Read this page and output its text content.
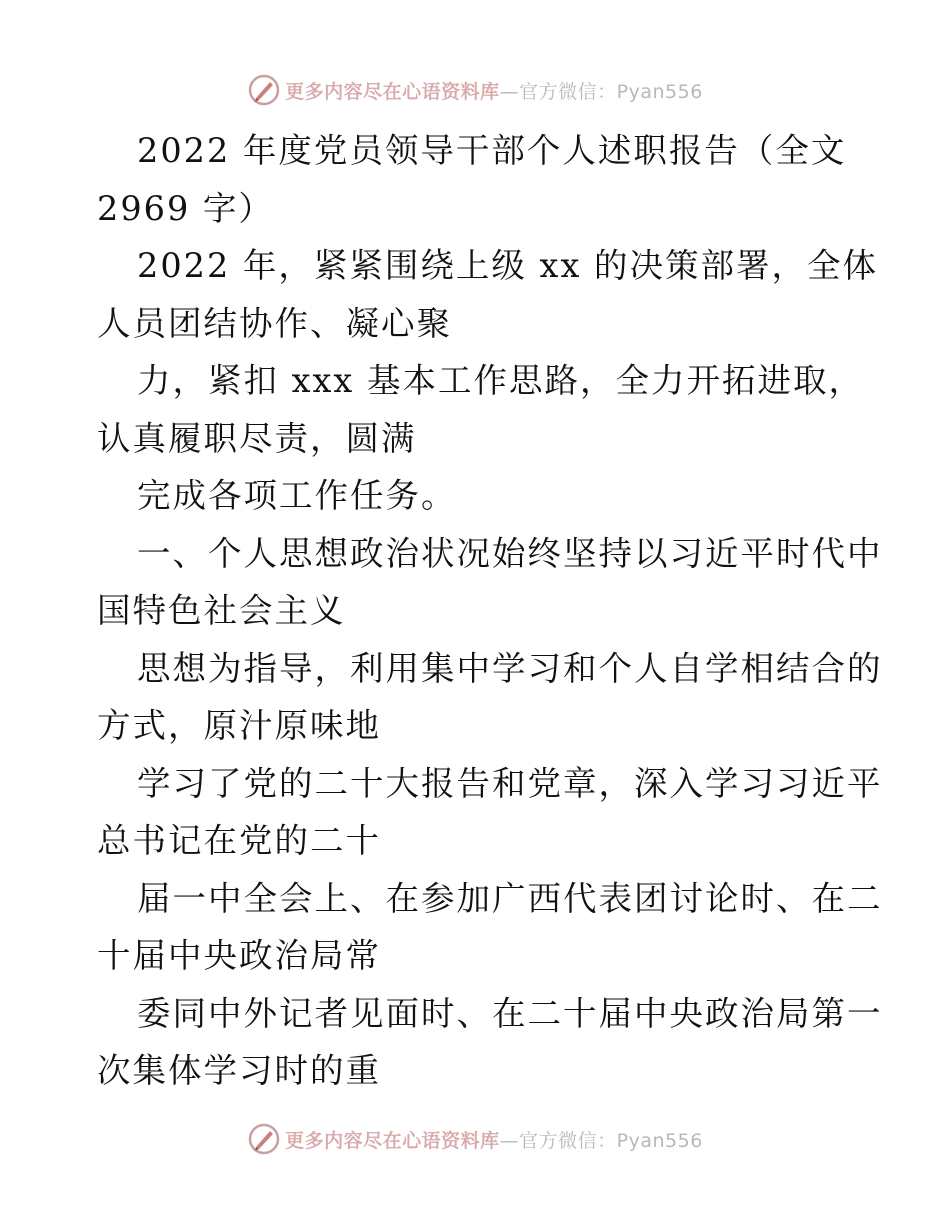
更多内容尽在心语资料库—官方微信：Pyan556
2022 年度党员领导干部个人述职报告（全文
2969 字）
2022 年，紧紧围绕上级 xx 的决策部署，全体
人员团结协作、凝心聚
力，紧扣 xxx 基本工作思路，全力开拓进取，
认真履职尽责，圆满
完成各项工作任务。
一、个人思想政治状况始终坚持以习近平时代中
国特色社会主义
思想为指导，利用集中学习和个人自学相结合的
方式，原汁原味地
学习了党的二十大报告和党章，深入学习习近平
总书记在党的二十
届一中全会上、在参加广西代表团讨论时、在二
十届中央政治局常
委同中外记者见面时、在二十届中央政治局第一
次集体学习时的重
更多内容尽在心语资料库—官方微信：Pyan556
